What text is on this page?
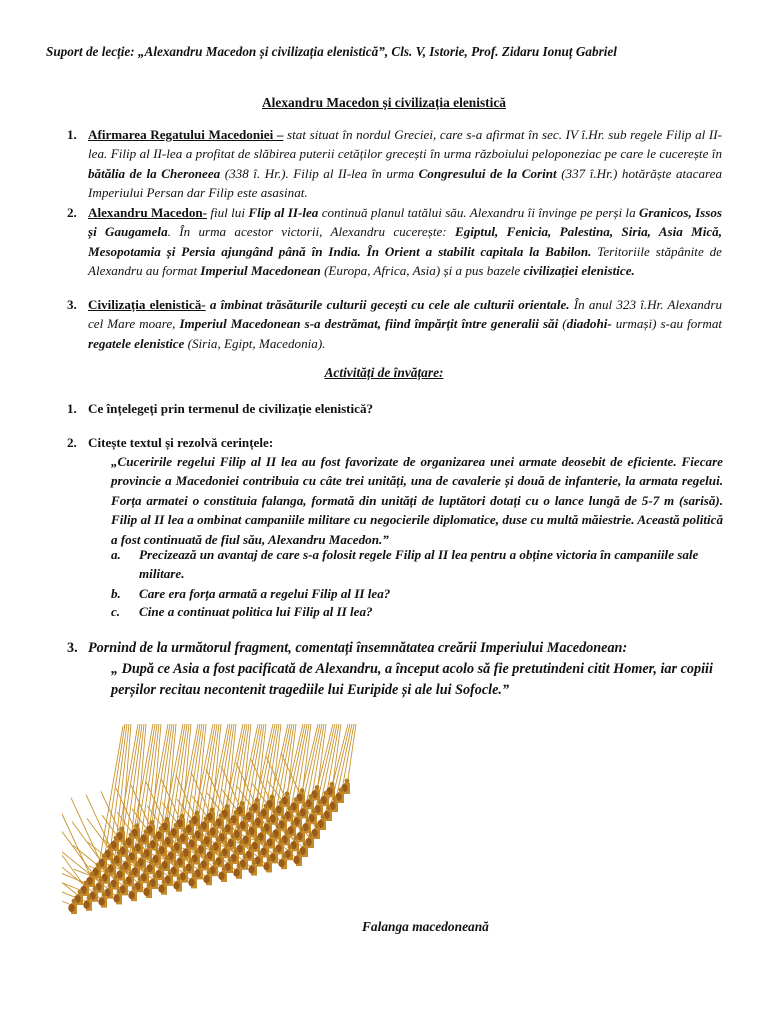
Suport de lecție: „Alexandru Macedon și civilizația elenistică”, Cls. V, Istorie, Prof. Zidaru Ionuț Gabriel
Alexandru Macedon și civilizația elenistică
1. Afirmarea Regatului Macedoniei – stat situat în nordul Greciei, care s-a afirmat în sec. IV î.Hr. sub regele Filip al II-lea. Filip al II-lea a profitat de slăbirea puterii cetăților grecești în urma războiului peloponeziac pe care le cucerește în bătălia de la Cheroneea (338 î. Hr.). Filip al II-lea în urma Congresului de la Corint (337 î.Hr.) hotărăște atacarea Imperiului Persan dar Filip este asasinat.
2. Alexandru Macedon- fiul lui Flip al II-lea continuă planul tatălui său. Alexandru îi învinge pe perși la Granicos, Issos și Gaugamela. În urma acestor victorii, Alexandru cucerește: Egiptul, Fenicia, Palestina, Siria, Asia Mică, Mesopotamia și Persia ajungând până în India. În Orient a stabilit capitala la Babilon. Teritoriile stăpânite de Alexandru au format Imperiul Macedonean (Europa, Africa, Asia) și a pus bazele civilizației elenistice.
3. Civilizația elenistică- a îmbinat trăsăturile culturii gecești cu cele ale culturii orientale. În anul 323 î.Hr. Alexandru cel Mare moare, Imperiul Macedonean s-a destrămat, fiind împărțit între generalii săi (diadohi- urmași) s-au format regatele elenistice (Siria, Egipt, Macedonia).
Activități de învățare:
1. Ce înțelegeți prin termenul de civilizație elenistică?
2. Citește textul și rezolvă cerințele:
„Cuceririle regelui Filip al II lea au fost favorizate de organizarea unei armate deosebit de eficiente. Fiecare provincie a Macedoniei contribuia cu câte trei unități, una de cavalerie și două de infanterie, la armata regelui. Forța armatei o constituia falanga, formată din unități de luptători dotați cu o lance lungă de 5-7 m (sarisă). Filip al II lea a ombinat campaniile militare cu negocierile diplomatice, duse cu multă măiestrie. Această politică a fost continuată de fiul său, Alexandru Macedon.”
a.	Precizează un avantaj de care s-a folosit regele Filip al II lea pentru a obține victoria în campaniile sale militare.
b.	Care era forța armată a regelui Filip al II lea?
c.	Cine a continuat politica lui Filip al II lea?
3. Pornind de la următorul fragment, comentați însemnătatea creării Imperiului Macedonean:
„ După ce Asia a fost pacificată de Alexandru, a început acolo să fie pretutindeni citit Homer, iar copiii perșilor recitau necontenit tragediile lui Euripide și ale lui Sofocle.”
Falanga macedoneană
